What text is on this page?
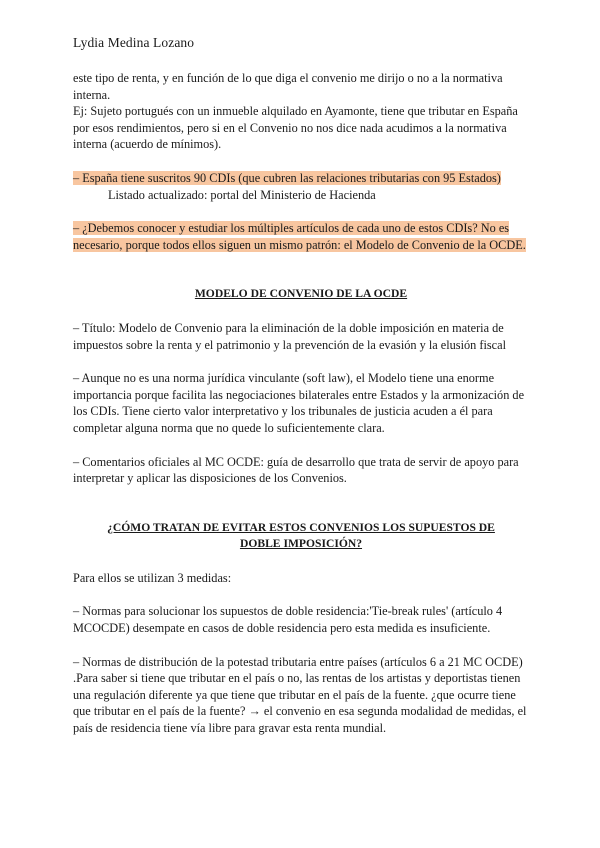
Lydia Medina Lozano

este tipo de renta, y en función de lo que diga el convenio me dirijo o no a la normativa interna.

Ej: Sujeto portugués con un inmueble alquilado en Ayamonte, tiene que tributar en España por esos rendimientos, pero si en el Convenio no nos dice nada acudimos a la normativa interna (acuerdo de mínimos).

– España tiene suscritos 90 CDIs (que cubren las relaciones tributarias con 95 Estados)

Listado actualizado: portal del Ministerio de Hacienda

– ¿Debemos conocer y estudiar los múltiples artículos de cada uno de estos CDIs? No es necesario, porque todos ellos siguen un mismo patrón: el Modelo de Convenio de la OCDE.

MODELO DE CONVENIO DE LA OCDE

– Título: Modelo de Convenio para la eliminación de la doble imposición en materia de impuestos sobre la renta y el patrimonio y la prevención de la evasión y la elusión fiscal

– Aunque no es una norma jurídica vinculante (soft law), el Modelo tiene una enorme importancia porque facilita las negociaciones bilaterales entre Estados y la armonización de los CDIs. Tiene cierto valor interpretativo y los tribunales de justicia acuden a él para completar alguna norma que no quede lo suficientemente clara.

– Comentarios oficiales al MC OCDE: guía de desarrollo que trata de servir de apoyo para interpretar y aplicar las disposiciones de los Convenios.

¿CÓMO TRATAN DE EVITAR ESTOS CONVENIOS LOS SUPUESTOS DE

DOBLE IMPOSICIÓN?

Para ellos se utilizan 3 medidas:

– Normas para solucionar los supuestos de doble residencia:'Tie-break rules' (artículo 4 MCOCDE) desempate en casos de doble residencia pero esta medida es insuficiente.

– Normas de distribución de la potestad tributaria entre países (artículos 6 a 21 MC OCDE) .Para saber si tiene que tributar en el país o no, las rentas de los artistas y deportistas tienen una regulación diferente ya que tiene que tributar en el país de la fuente. ¿que ocurre tiene que tributar en el país de la fuente? → el convenio en esa segunda modalidad de medidas, el país de residencia tiene vía libre para gravar esta renta mundial.
